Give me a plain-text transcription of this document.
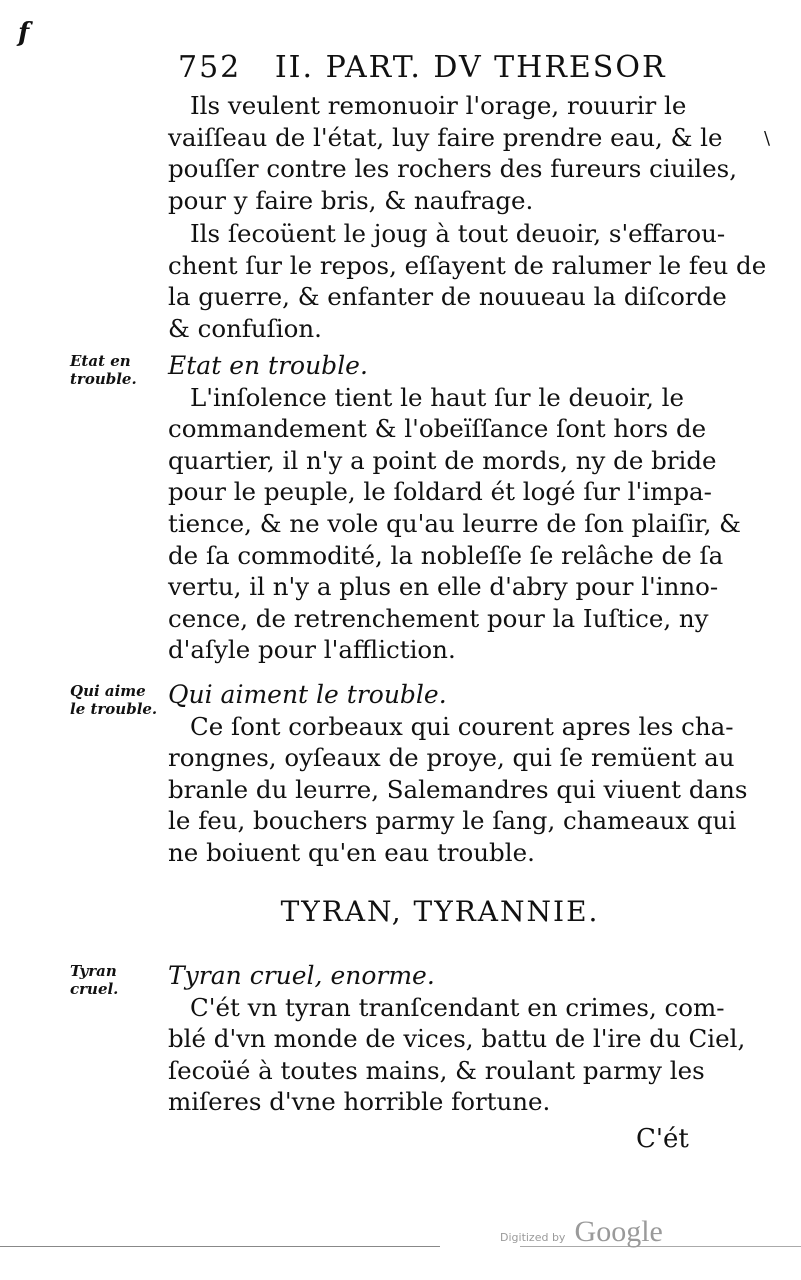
f
752 II. PART. DV THRESOR
\
Ils veulent remonuoir l'orage, rouurir le
vaiſſeau de l'état, luy faire prendre eau, & le
pouſſer contre les rochers des fureurs ciuiles,
pour y faire bris, & naufrage.
Ils ſecoüent le joug à tout deuoir, s'effarou-
chent ſur le repos, eſſayent de ralumer le feu de
la guerre, & enfanter de nouueau la diſcorde
& confuſion.
Etat en
trouble.	Etat en trouble.
L'inſolence tient le haut ſur le deuoir, le
commandement & l'obeïſſance ſont hors de
quartier, il n'y a point de mords, ny de bride
pour le peuple, le ſoldard ét logé ſur l'impa-
tience, & ne vole qu'au leurre de ſon plaiſir, &
de ſa commodité, la nobleſſe ſe relâche de ſa
vertu, il n'y a plus en elle d'abry pour l'inno-
cence, de retrenchement pour la Iuſtice, ny
d'aſyle pour l'affliction.
Qui aime
le trouble. Qui aiment le trouble.
Ce ſont corbeaux qui courent apres les cha-
rongnes, oyſeaux de proye, qui ſe remüent au
branle du leurre, Salemandres qui viuent dans
le feu, bouchers parmy le ſang, chameaux qui
ne boiuent qu'en eau trouble.
TYRAN, TYRANNIE.
Tyran
cruel.	Tyran cruel, enorme.
C'ét vn tyran tranſcendant en crimes, com-
blé d'vn monde de vices, battu de l'ire du Ciel,
ſecoüé à toutes mains, & roulant parmy les
miſeres d'vne horrible fortune.
C'ét
Digitized by Google
